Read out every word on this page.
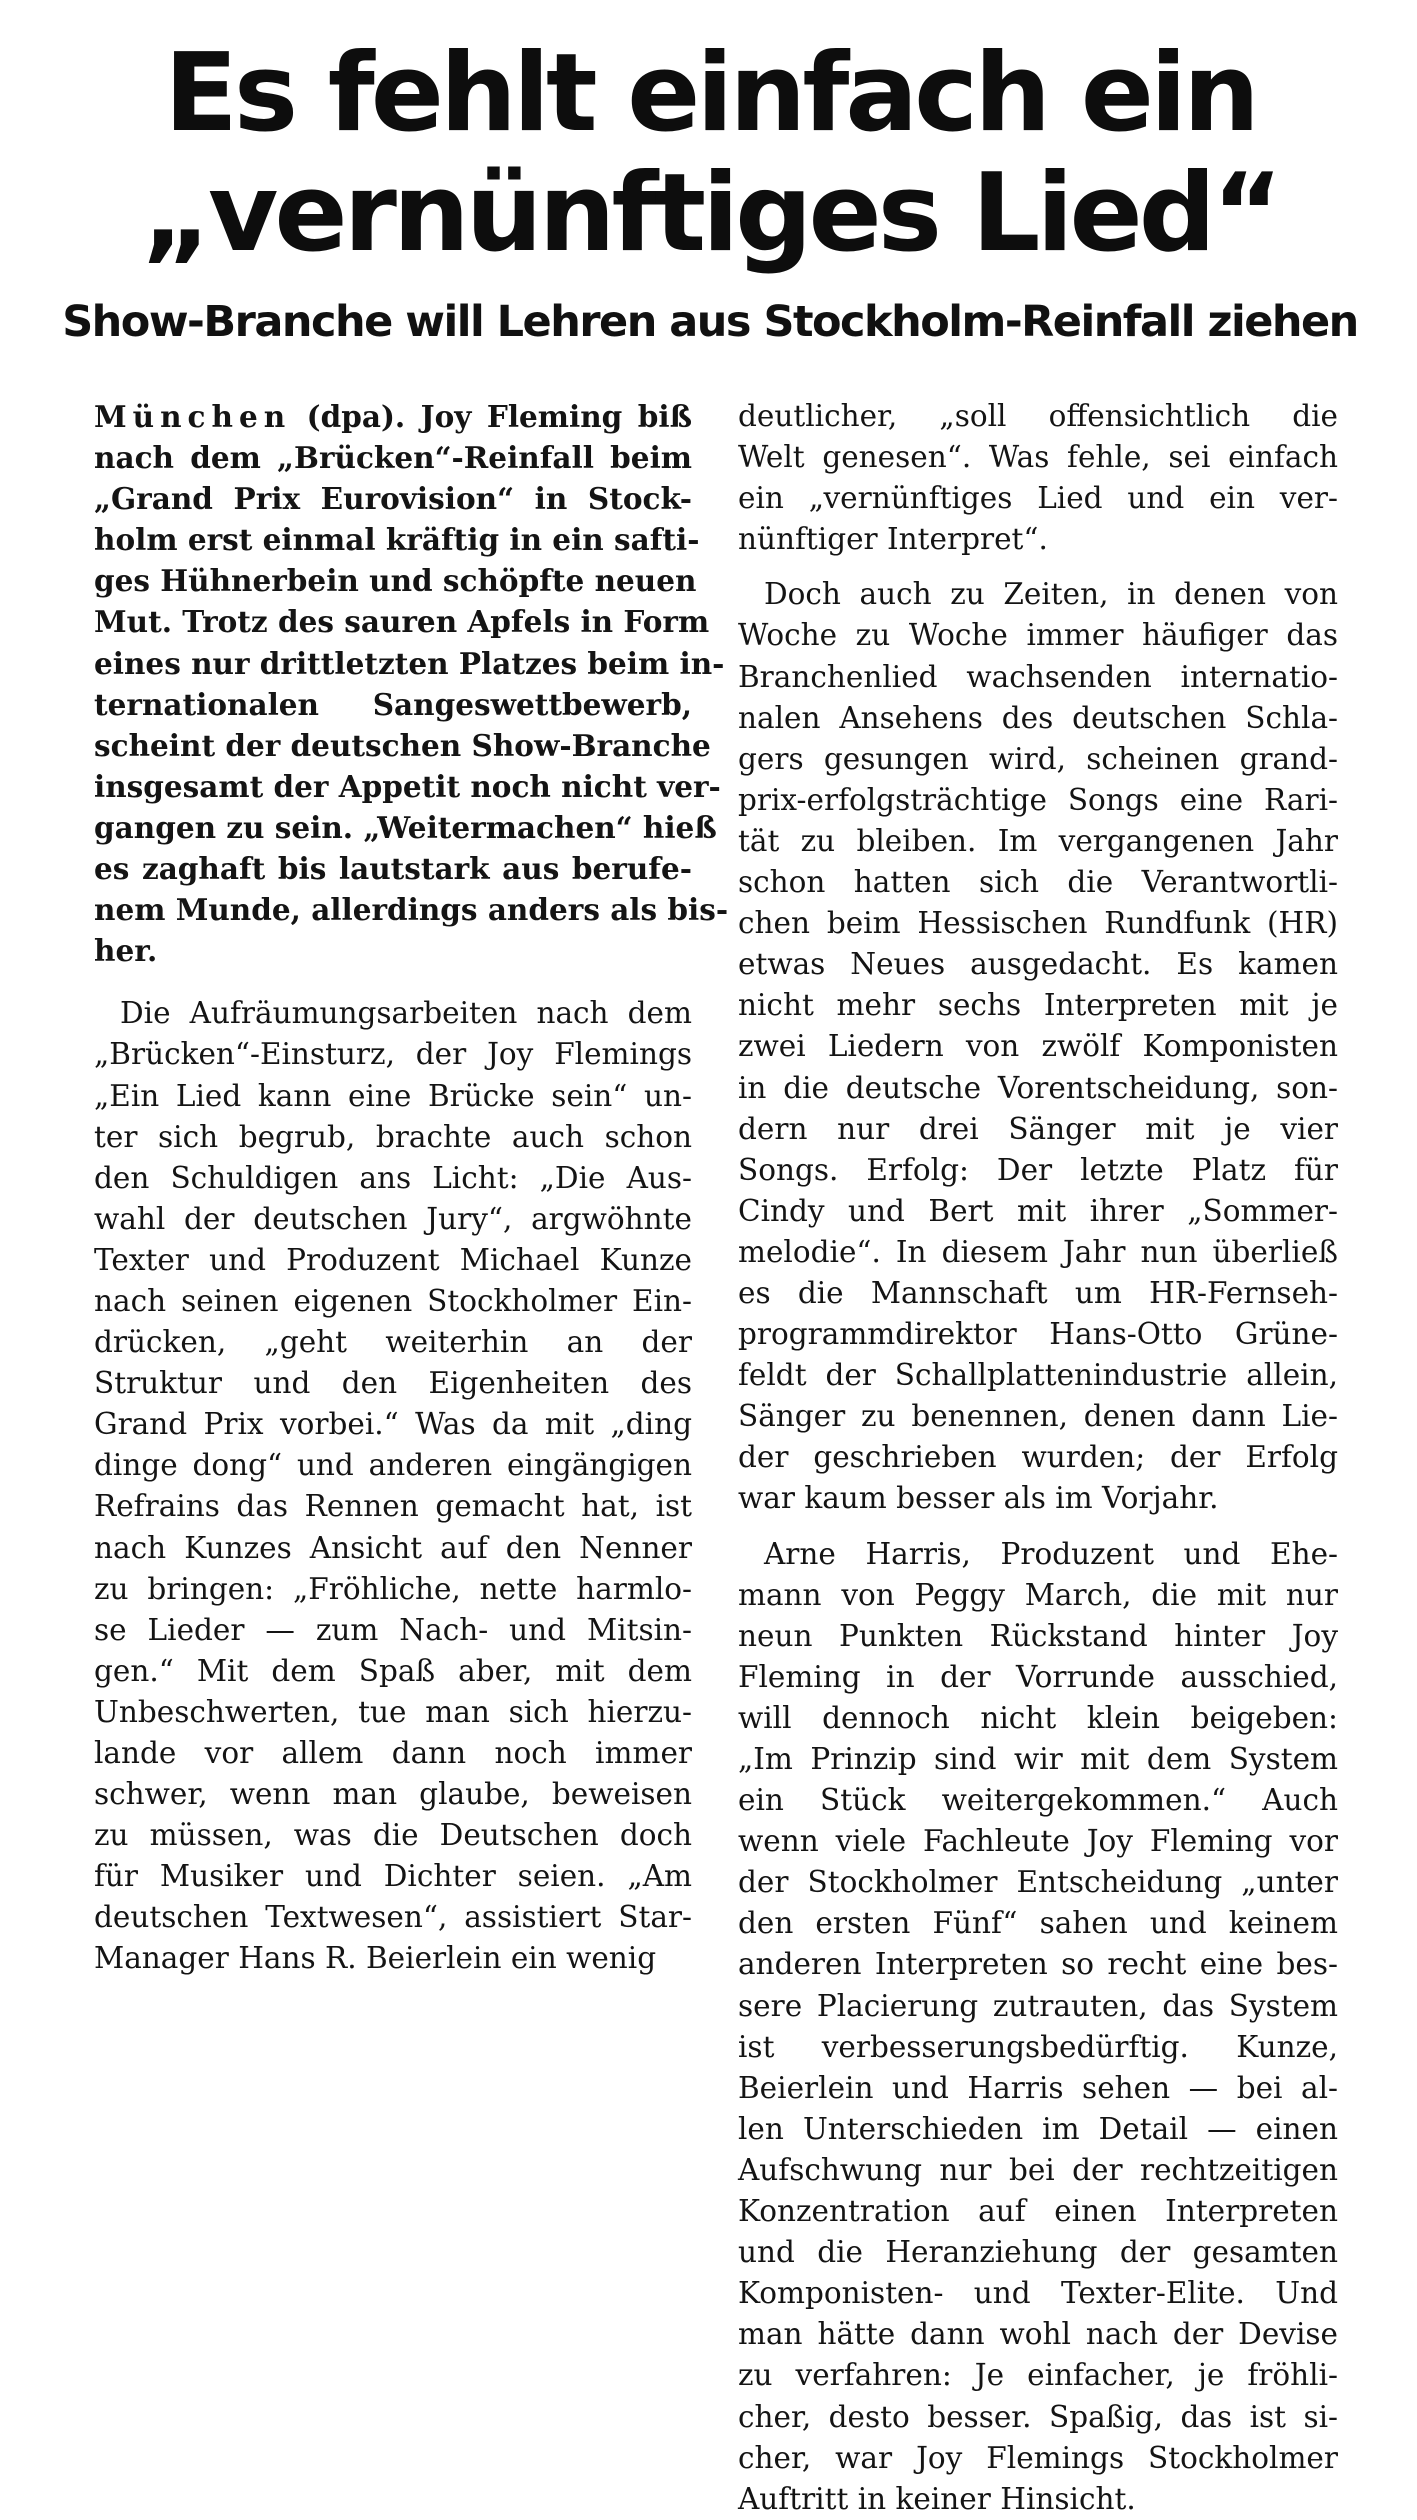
Es fehlt einfach ein
„vernünftiges Lied“
Show-Branche will Lehren aus Stockholm-Reinfall ziehen
München (dpa). Joy Fleming biß
nach dem „Brücken“-Reinfall beim
„Grand Prix Eurovision“ in Stock-
holm erst einmal kräftig in ein safti-
ges Hühnerbein und schöpfte neuen
Mut. Trotz des sauren Apfels in Form
eines nur drittletzten Platzes beim in-
ternationalen Sangeswettbewerb,
scheint der deutschen Show-Branche
insgesamt der Appetit noch nicht ver-
gangen zu sein. „Weitermachen“ hieß
es zaghaft bis lautstark aus berufe-
nem Munde, allerdings anders als bis-
her.
Die Aufräumungsarbeiten nach dem
„Brücken“-Einsturz, der Joy Flemings
„Ein Lied kann eine Brücke sein“ un-
ter sich begrub, brachte auch schon
den Schuldigen ans Licht: „Die Aus-
wahl der deutschen Jury“, argwöhnte
Texter und Produzent Michael Kunze
nach seinen eigenen Stockholmer Ein-
drücken, „geht weiterhin an der
Struktur und den Eigenheiten des
Grand Prix vorbei.“ Was da mit „ding
dinge dong“ und anderen eingängigen
Refrains das Rennen gemacht hat, ist
nach Kunzes Ansicht auf den Nenner
zu bringen: „Fröhliche, nette harmlo-
se Lieder — zum Nach- und Mitsin-
gen.“ Mit dem Spaß aber, mit dem
Unbeschwerten, tue man sich hierzu-
lande vor allem dann noch immer
schwer, wenn man glaube, beweisen
zu müssen, was die Deutschen doch
für Musiker und Dichter seien. „Am
deutschen Textwesen“, assistiert Star-
Manager Hans R. Beierlein ein wenig
deutlicher, „soll offensichtlich die
Welt genesen“. Was fehle, sei einfach
ein „vernünftiges Lied und ein ver-
nünftiger Interpret“.
Doch auch zu Zeiten, in denen von
Woche zu Woche immer häufiger das
Branchenlied wachsenden internatio-
nalen Ansehens des deutschen Schla-
gers gesungen wird, scheinen grand-
prix-erfolgsträchtige Songs eine Rari-
tät zu bleiben. Im vergangenen Jahr
schon hatten sich die Verantwortli-
chen beim Hessischen Rundfunk (HR)
etwas Neues ausgedacht. Es kamen
nicht mehr sechs Interpreten mit je
zwei Liedern von zwölf Komponisten
in die deutsche Vorentscheidung, son-
dern nur drei Sänger mit je vier
Songs. Erfolg: Der letzte Platz für
Cindy und Bert mit ihrer „Sommer-
melodie“. In diesem Jahr nun überließ
es die Mannschaft um HR-Fernseh-
programmdirektor Hans-Otto Grüne-
feldt der Schallplattenindustrie allein,
Sänger zu benennen, denen dann Lie-
der geschrieben wurden; der Erfolg
war kaum besser als im Vorjahr.
Arne Harris, Produzent und Ehe-
mann von Peggy March, die mit nur
neun Punkten Rückstand hinter Joy
Fleming in der Vorrunde ausschied,
will dennoch nicht klein beigeben:
„Im Prinzip sind wir mit dem System
ein Stück weitergekommen.“ Auch
wenn viele Fachleute Joy Fleming vor
der Stockholmer Entscheidung „unter
den ersten Fünf“ sahen und keinem
anderen Interpreten so recht eine bes-
sere Placierung zutrauten, das System
ist verbesserungsbedürftig. Kunze,
Beierlein und Harris sehen — bei al-
len Unterschieden im Detail — einen
Aufschwung nur bei der rechtzeitigen
Konzentration auf einen Interpreten
und die Heranziehung der gesamten
Komponisten- und Texter-Elite. Und
man hätte dann wohl nach der Devise
zu verfahren: Je einfacher, je fröhli-
cher, desto besser. Spaßig, das ist si-
cher, war Joy Flemings Stockholmer
Auftritt in keiner Hinsicht.
